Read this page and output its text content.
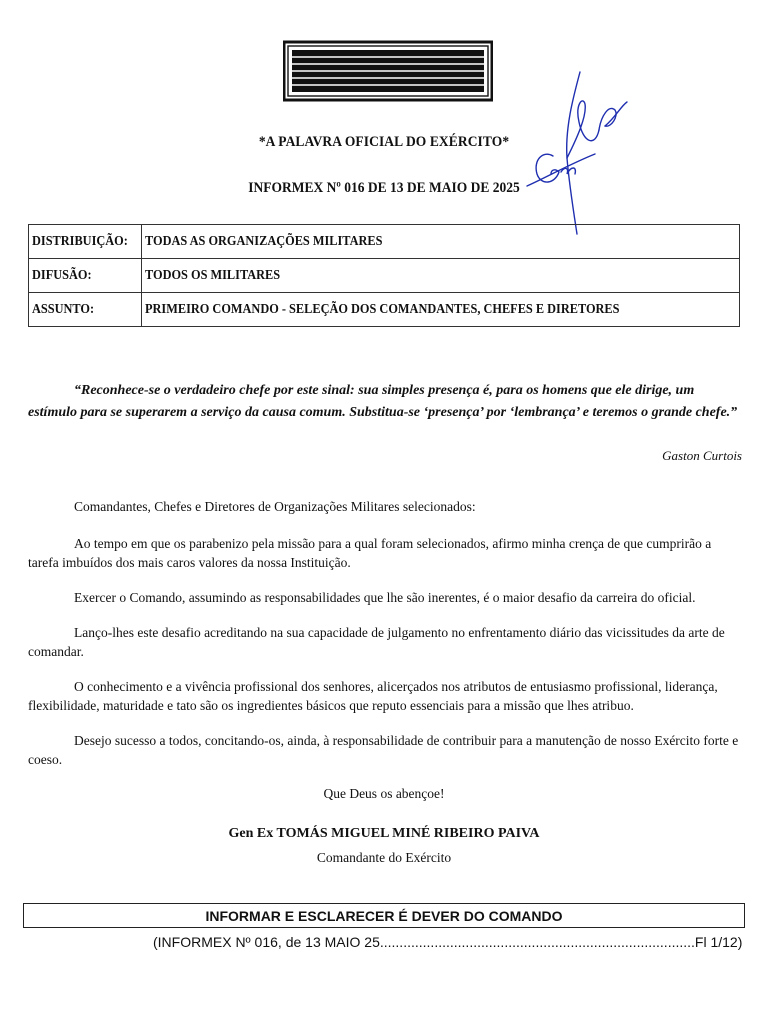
*A PALAVRA OFICIAL DO EXÉRCITO*
INFORMEX Nº 016 DE 13 DE MAIO DE 2025
DISTRIBUIÇÃO:	TODAS AS ORGANIZAÇÕES MILITARES
DIFUSÃO:	TODOS OS MILITARES
ASSUNTO:	PRIMEIRO COMANDO - SELEÇÃO DOS COMANDANTES, CHEFES E DIRETORES
“Reconhece-se o verdadeiro chefe por este sinal: sua simples presença é, para os homens que ele dirige, um estímulo para se superarem a serviço da causa comum. Substitua-se ‘presença’ por ‘lembrança’ e teremos o grande chefe.”
Gaston Curtois

Comandantes, Chefes e Diretores de Organizações Militares selecionados:

Ao tempo em que os parabenizo pela missão para a qual foram selecionados, afirmo minha crença de que cumprirão a tarefa imbuídos dos mais caros valores da nossa Instituição.

Exercer o Comando, assumindo as responsabilidades que lhe são inerentes, é o maior desafio da carreira do oficial.

Lanço-lhes este desafio acreditando na sua capacidade de julgamento no enfrentamento diário das vicissitudes da arte de comandar.

O conhecimento e a vivência profissional dos senhores, alicerçados nos atributos de entusiasmo profissional, liderança, flexibilidade, maturidade e tato são os ingredientes básicos que reputo essenciais para a missão que lhes atribuo.

Desejo sucesso a todos, concitando-os, ainda, à responsabilidade de contribuir para a manutenção de nosso Exército forte e coeso.

Que Deus os abençoe!

Gen Ex TOMÁS MIGUEL MINÉ RIBEIRO PAIVA
Comandante do Exército
INFORMAR E ESCLARECER É DEVER DO COMANDO
(INFORMEX Nº 016, de 13 MAIO 25.................................................................................Fl 1/12)
